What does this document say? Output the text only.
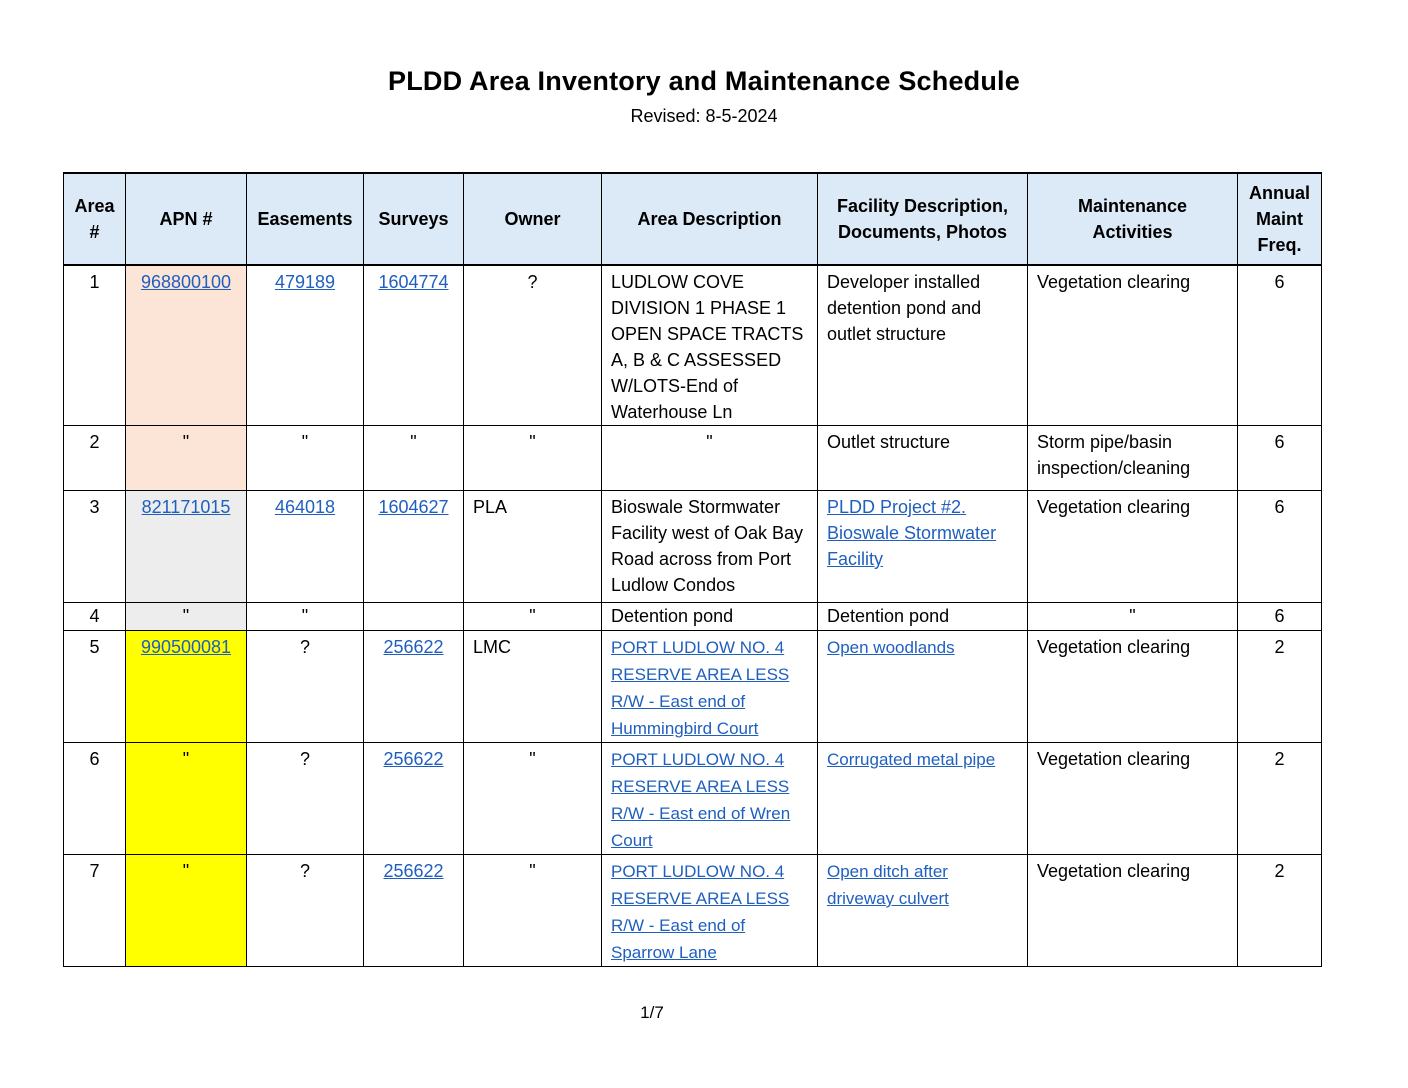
PLDD Area Inventory and Maintenance Schedule
Revised: 8-5-2024
Area #	APN #	Easements	Surveys	Owner	Area Description	Facility Description, Documents, Photos	Maintenance Activities	Annual Maint Freq.
1	968800100	479189	1604774	?	LUDLOW COVE DIVISION 1 PHASE 1 OPEN SPACE TRACTS A, B & C ASSESSED W/LOTS-End of Waterhouse Ln	Developer installed detention pond and outlet structure	Vegetation clearing	6
2	"	"	"	"	"	Outlet structure	Storm pipe/basin inspection/cleaning	6
3	821171015	464018	1604627	PLA	Bioswale Stormwater Facility west of Oak Bay Road across from Port Ludlow Condos	PLDD Project #2. Bioswale Stormwater Facility	Vegetation clearing	6
4	"	"		"	Detention pond	Detention pond	"	6
5	990500081	?	256622	LMC	PORT LUDLOW NO. 4 RESERVE AREA LESS R/W - East end of Hummingbird Court	Open woodlands	Vegetation clearing	2
6	"	?	256622	"	PORT LUDLOW NO. 4 RESERVE AREA LESS R/W - East end of Wren Court	Corrugated metal pipe	Vegetation clearing	2
7	"	?	256622	"	PORT LUDLOW NO. 4 RESERVE AREA LESS R/W - East end of Sparrow Lane	Open ditch after driveway culvert	Vegetation clearing	2
1/7
